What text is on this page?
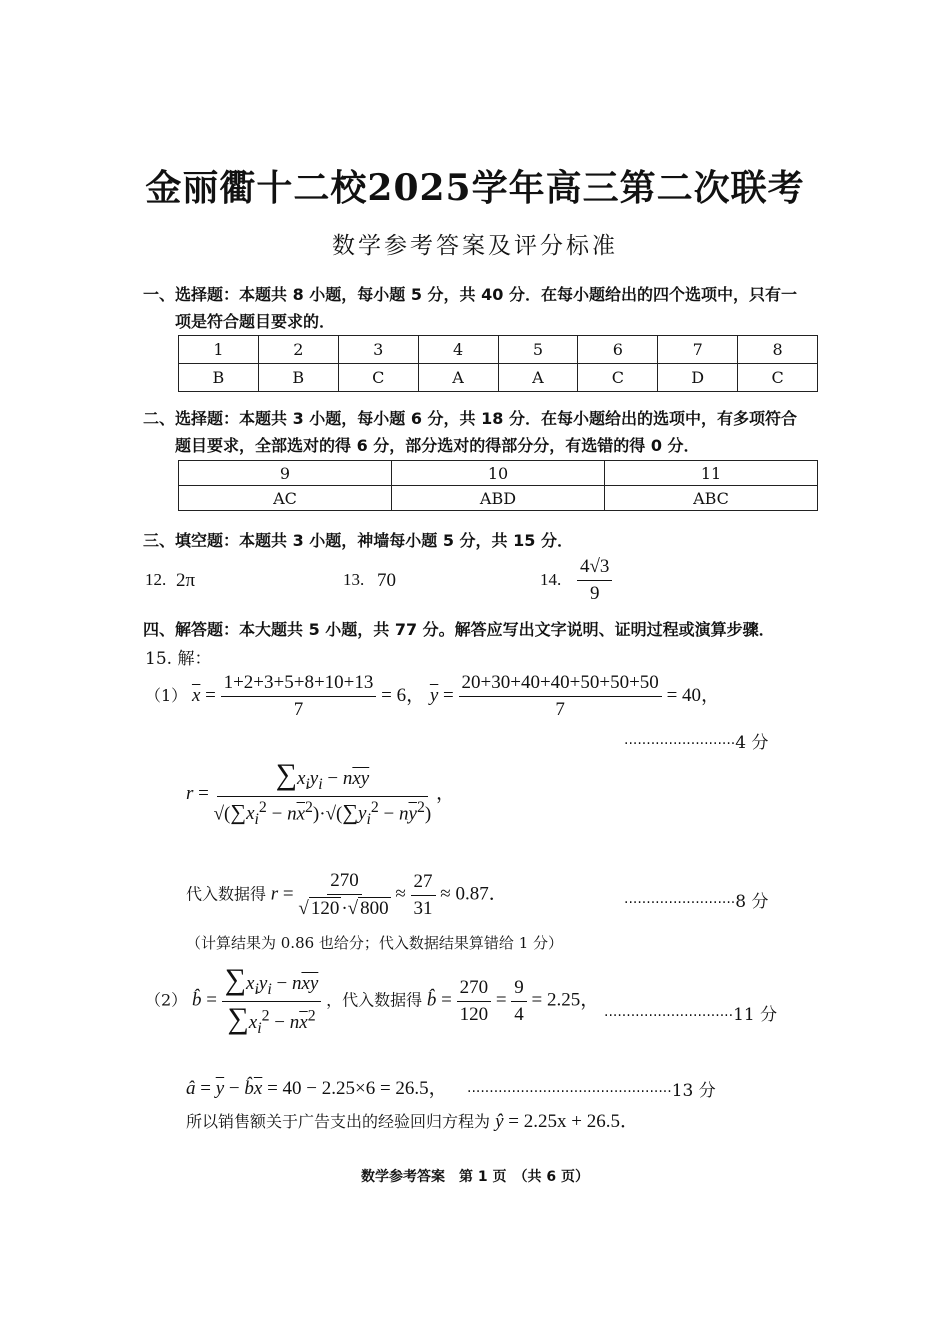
金丽衢十二校2025学年高三第二次联考
数学参考答案及评分标准
一、选择题：本题共 8 小题，每小题 5 分，共 40 分．在每小题给出的四个选项中，只有一
项是符合题目要求的．
1	2	3	4	5	6	7	8
B	B	C	A	A	C	D	C
二、选择题：本题共 3 小题，每小题 6 分，共 18 分．在每小题给出的选项中，有多项符合
题目要求，全部选对的得 6 分，部分选对的得部分分，有选错的得 0 分．
9	10	11
AC	ABD	ABC
三、填空题：本题共 3 小题，神墙每小题 5 分，共 15 分．
12. 2π	13. 70	14. $\frac{4√3}{9}$
四、解答题：本大题共 5 小题，共 77 分。解答应写出文字说明、证明过程或演算步骤．
15. 解：
（1） $\overline{x} = \frac{1+2+3+5+8+10+13}{7} = 6$， $\overline{y} = \frac{20+30+40+40+50+50+50}{7} = 40$，
·························4 分
$r = \frac{\sum x_iy_i - n\overline{xy}}{√(\sum x_i^2 - n\overline{x}^2)\cdot√(\sum y_i^2 - n\overline{y}^2)}$ ，
代入数据得 $r = \frac{270}{√ 120 \cdot√ 800} \approx \frac{27}{31} \approx 0.87$．	·························8 分
（计算结果为 0.86 也给分；代入数据结果算错给 1 分）
（2） b̂ = $\frac{\sum x_iy_i - n\overline{xy}}{\sum x_i^2 - n\overline{x}^2}$ ，代入数据得 b̂ = $\frac{270}{120} = \frac{9}{4} = 2.25$，
·····························11 分
â = $\overline{y}$ − $b̂\overline{x} = 40 - 2.25\times 6 = 26.5$， ··············································13 分
所以销售额关于广告支出的经验回归方程为 ŷ = 2.25x + 26.5．
数学参考答案　第 1 页　（共 6 页）
